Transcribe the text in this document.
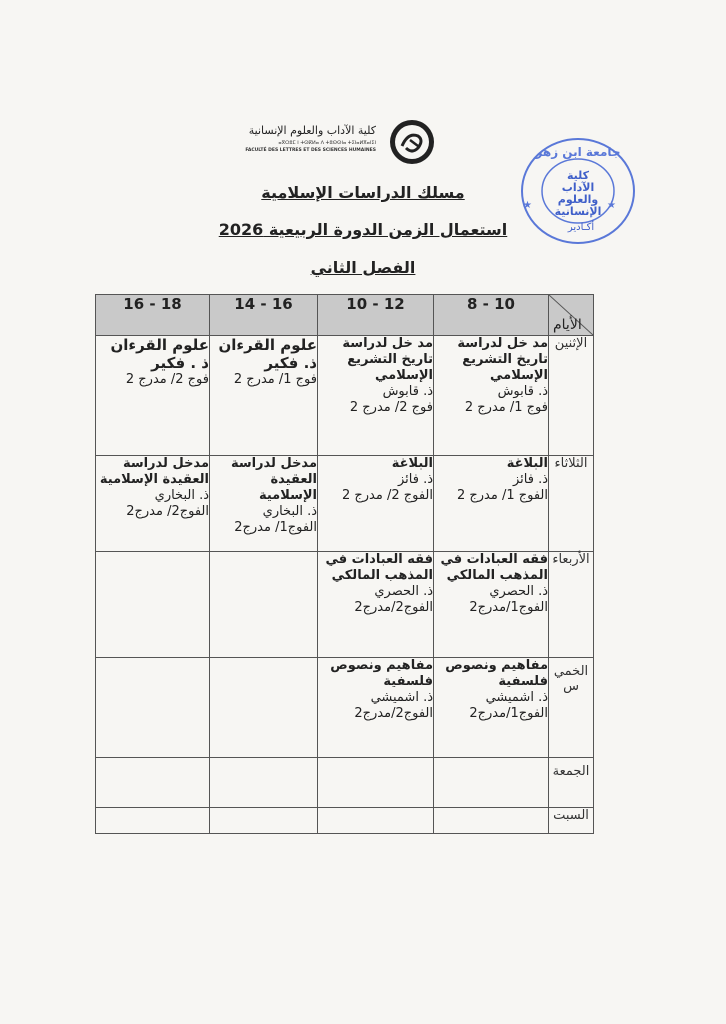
كلية الآداب والعلوم الإنسانية
ⴰⴳⵔⵓⵎ ⵏ ⵜⵙⴽⵍⴰ ⴷ ⵜⵓⵙⵙⵏⴰ ⵜⵉⵏⴰⵍⴳⴰⵏⵉⵏ
FACULTÉ DES LETTRES ET DES SCIENCES HUMAINES	جامعة ابن زهر
★	★
كلية
الآداب
والعلوم
الإنسانية
أكـادير
مسلك الدراسات الإسلامية
استعمال الزمن الدورة الربيعية 2026
الفصل الثاني
الأيام	8 - 10	10 - 12	14 - 16	16 - 18
الإثنين	مد خل لدراسة تاريخ التشريع الإسلامي
ذ. قابوش
فوج 1/ مدرج 2	مد خل لدراسة تاريخ التشريع الإسلامي
ذ. قابوش
فوج 2/ مدرج 2	علوم القرءان
ذ. فكير
فوج 1/ مدرج 2	علوم القرءان
ذ . فكير
فوج 2/ مدرج 2

الثلاثاء	البلاغة
ذ. فائز
الفوج 1/ مدرج 2	البلاغة
ذ. فائز
الفوج 2/ مدرج 2	مدخل لدراسة العقيدة الإسلامية
ذ. البخاري
الفوج1/ مدرج2	مدخل لدراسة العقيدة الإسلامية
ذ. البخاري
الفوج2/ مدرج2

الأربعاء	فقه العبادات في المذهب المالكي
ذ. الحصري
الفوج1/مدرج2	فقه العبادات في المذهب المالكي
ذ. الحصري
الفوج2/مدرج2		

الخمي س	مفاهيم ونصوص فلسفية
ذ. اشميشي
الفوج1/مدرج2	مفاهيم ونصوص فلسفية
ذ. اشميشي
الفوج2/مدرج2		

الجمعة				
السبت				
